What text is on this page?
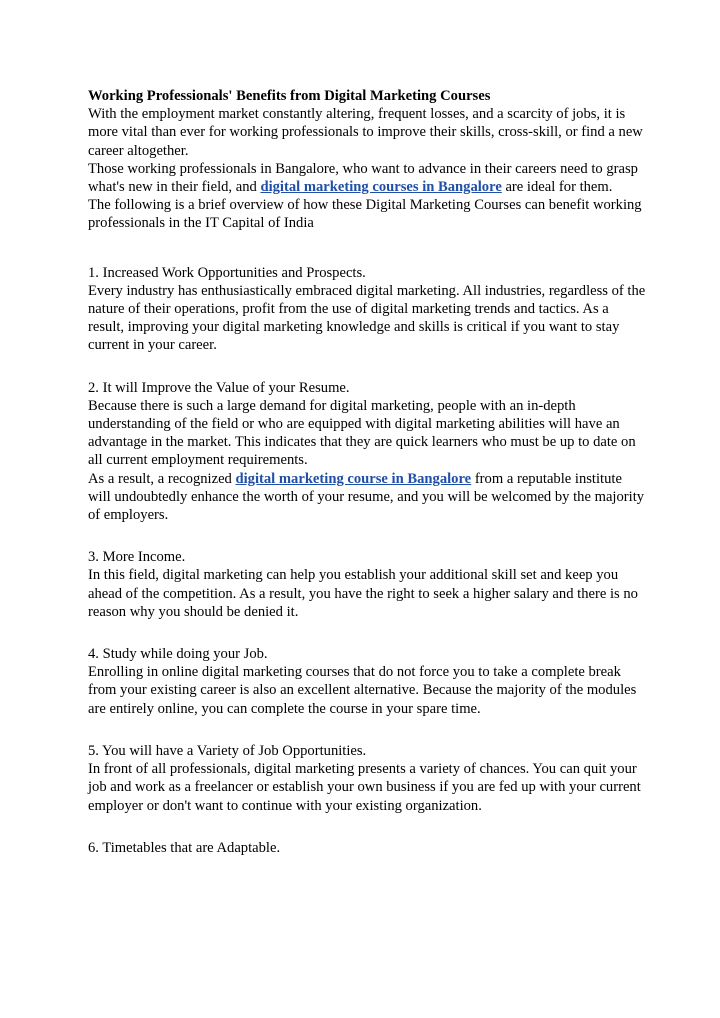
Working Professionals' Benefits from Digital Marketing Courses

With the employment market constantly altering, frequent losses, and a scarcity of jobs, it is more vital than ever for working professionals to improve their skills, cross-skill, or find a new career altogether.

Those working professionals in Bangalore, who want to advance in their careers need to grasp what's new in their field, and digital marketing courses in Bangalore are ideal for them.

The following is a brief overview of how these Digital Marketing Courses can benefit working professionals in the IT Capital of India

1. Increased Work Opportunities and Prospects.

Every industry has enthusiastically embraced digital marketing. All industries, regardless of the nature of their operations, profit from the use of digital marketing trends and tactics. As a result, improving your digital marketing knowledge and skills is critical if you want to stay current in your career.

2. It will Improve the Value of your Resume.

Because there is such a large demand for digital marketing, people with an in-depth understanding of the field or who are equipped with digital marketing abilities will have an advantage in the market. This indicates that they are quick learners who must be up to date on all current employment requirements.

As a result, a recognized digital marketing course in Bangalore from a reputable institute will undoubtedly enhance the worth of your resume, and you will be welcomed by the majority of employers.

3. More Income.

In this field, digital marketing can help you establish your additional skill set and keep you ahead of the competition. As a result, you have the right to seek a higher salary and there is no reason why you should be denied it.

4. Study while doing your Job.

Enrolling in online digital marketing courses that do not force you to take a complete break from your existing career is also an excellent alternative. Because the majority of the modules are entirely online, you can complete the course in your spare time.

5. You will have a Variety of Job Opportunities.

In front of all professionals, digital marketing presents a variety of chances. You can quit your job and work as a freelancer or establish your own business if you are fed up with your current employer or don't want to continue with your existing organization.

6. Timetables that are Adaptable.
